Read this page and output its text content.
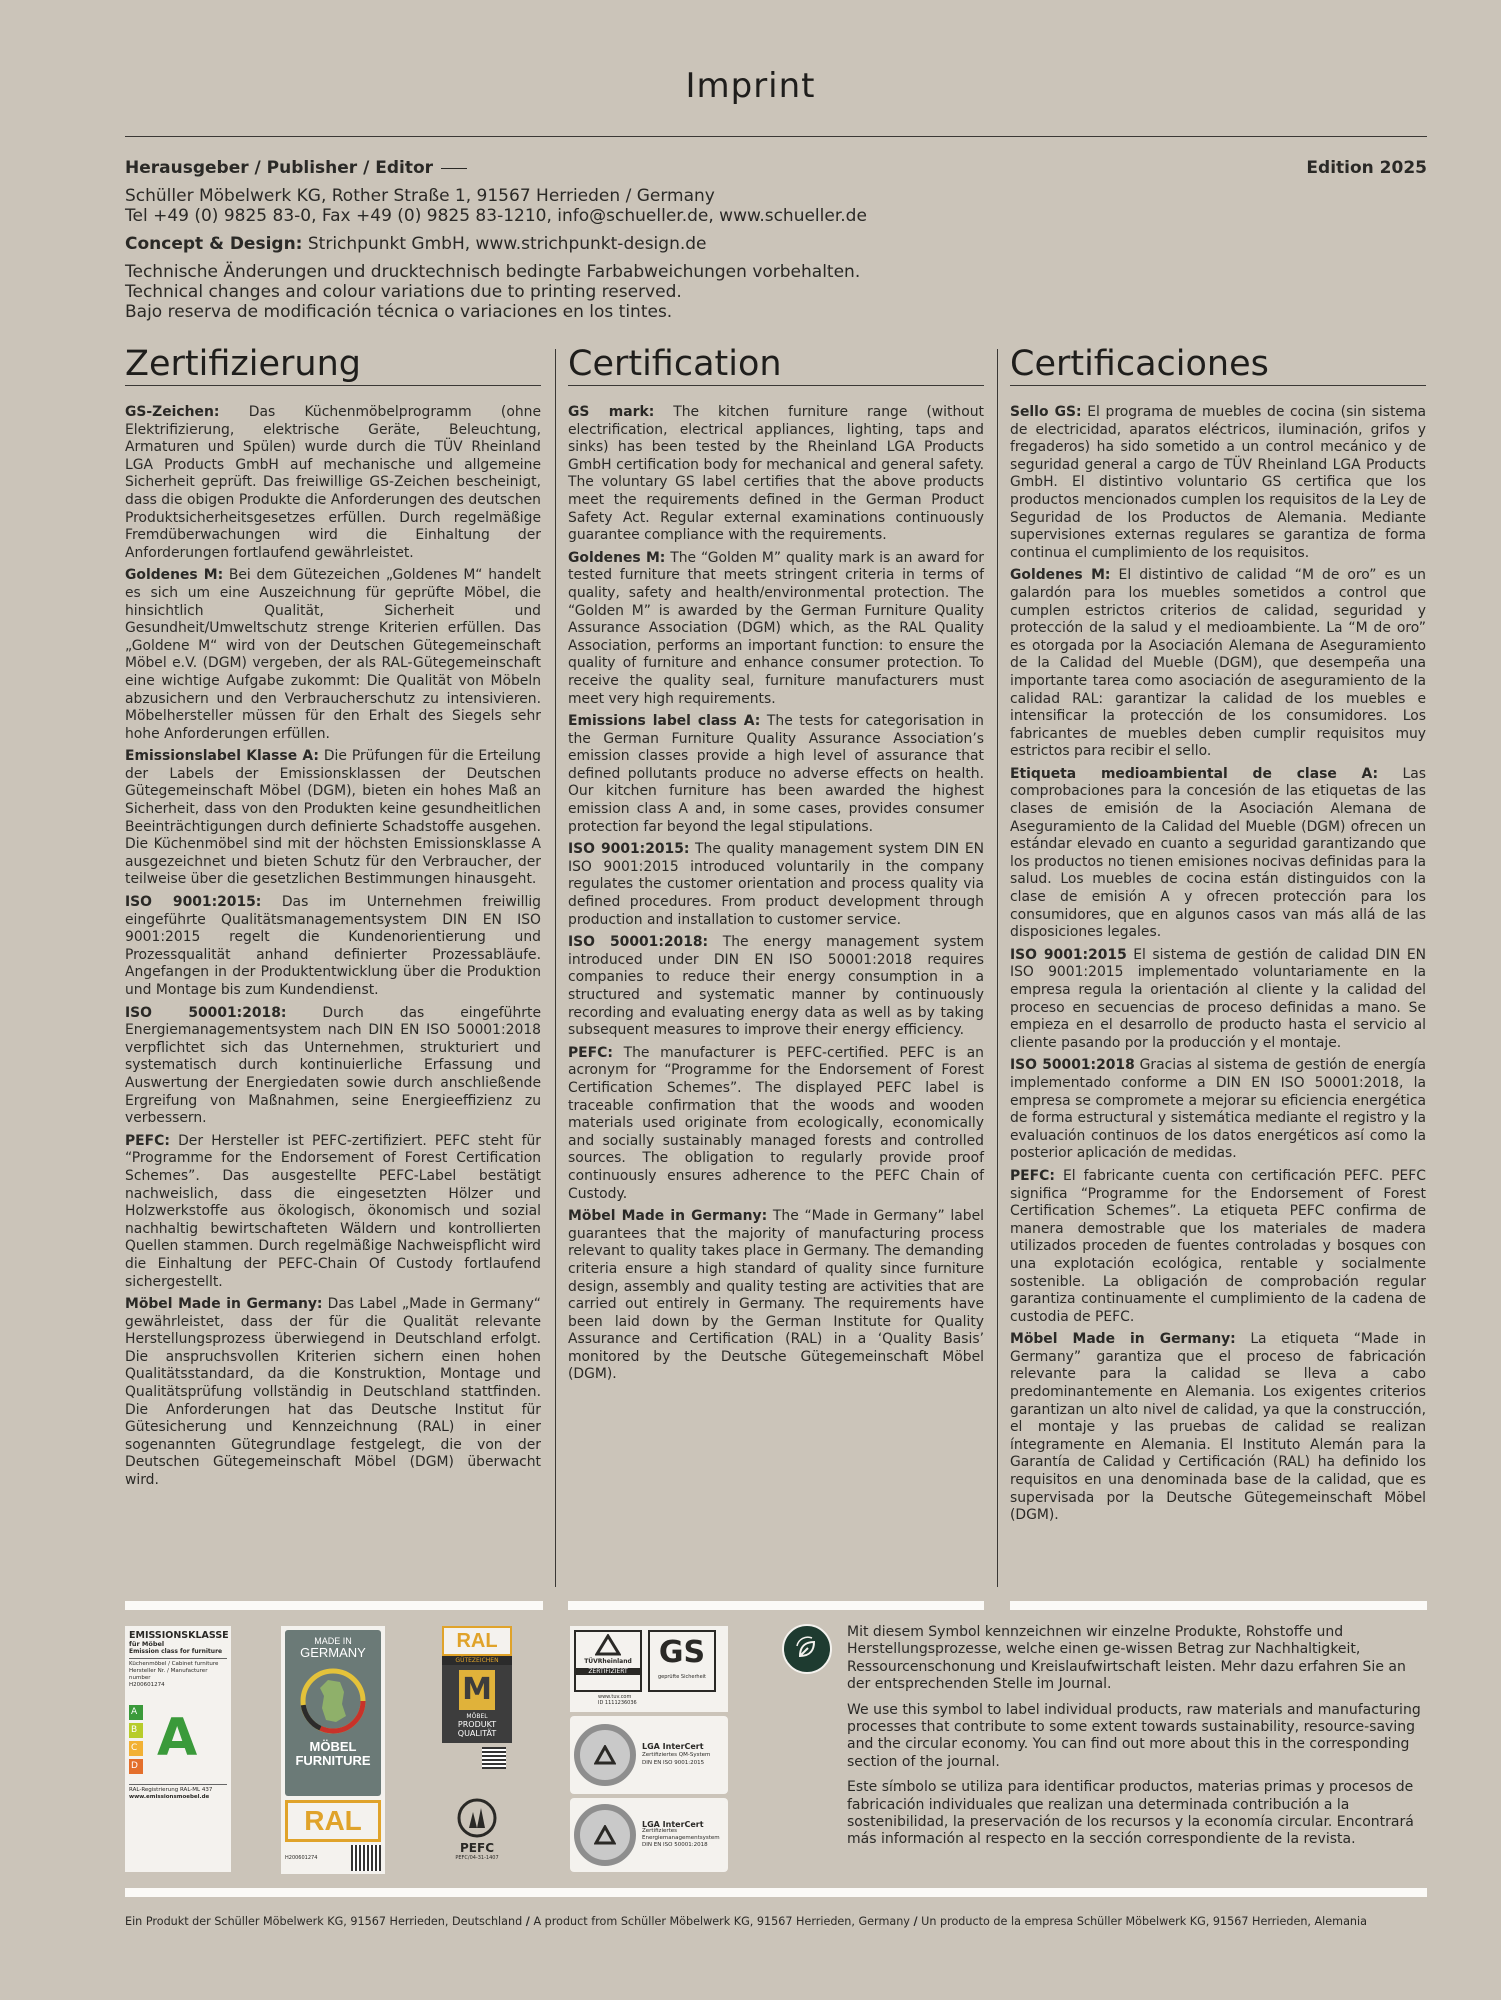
Imprint
Herausgeber / Publisher / Editor	Edition 2025

Schüller Möbelwerk KG, Rother Straße 1, 91567 Herrieden / Germany

Tel +49 (0) 9825 83-0, Fax +49 (0) 9825 83-1210, info@schueller.de, www.schueller.de

Concept & Design: Strichpunkt GmbH, www.strichpunkt-design.de

Technische Änderungen und drucktechnisch bedingte Farbabweichungen vorbehalten.

Technical changes and colour variations due to printing reserved.

Bajo reserva de modificación técnica o variaciones en los tintes.

Zertifizierung

GS-Zeichen: Das Küchenmöbelprogramm (ohne Elektrifizierung, elektrische Geräte, Beleuchtung, Armaturen und Spülen) wurde durch die TÜV Rheinland LGA Products GmbH auf mechanische und allgemeine Sicherheit geprüft. Das freiwillige GS-Zeichen bescheinigt, dass die obigen Produkte die Anforderungen des deutschen Produktsicherheitsgesetzes erfüllen. Durch regelmäßige Fremdüberwachungen wird die Einhaltung der Anforderungen fortlaufend gewährleistet.

Goldenes M: Bei dem Gütezeichen „Goldenes M“ handelt es sich um eine Auszeichnung für geprüfte Möbel, die hinsichtlich Qualität, Sicherheit und Gesundheit/Umweltschutz strenge Kriterien erfüllen. Das „Goldene M“ wird von der Deutschen Gütegemeinschaft Möbel e.V. (DGM) vergeben, der als RAL-Gütegemeinschaft eine wichtige Aufgabe zukommt: Die Qualität von Möbeln abzusichern und den Verbraucherschutz zu intensivieren. Möbelhersteller müssen für den Erhalt des Siegels sehr hohe Anforderungen erfüllen.

Emissionslabel Klasse A: Die Prüfungen für die Erteilung der Labels der Emissionsklassen der Deutschen Gütegemeinschaft Möbel (DGM), bieten ein hohes Maß an Sicherheit, dass von den Produkten keine gesundheitlichen Beeinträchtigungen durch definierte Schadstoffe ausgehen. Die Küchenmöbel sind mit der höchsten Emissionsklasse A ausgezeichnet und bieten Schutz für den Verbraucher, der teilweise über die gesetzlichen Bestimmungen hinausgeht.

ISO 9001:2015: Das im Unternehmen freiwillig eingeführte Qualitätsmanagementsystem DIN EN ISO 9001:2015 regelt die Kundenorientierung und Prozessqualität anhand definierter Prozessabläufe. Angefangen in der Produktentwicklung über die Produktion und Montage bis zum Kundendienst.

ISO 50001:2018:	Durch das eingeführte Energiemanagementsystem nach DIN EN ISO 50001:2018 verpflichtet sich das Unternehmen, strukturiert und systematisch durch kontinuierliche Erfassung und Auswertung der Energiedaten sowie durch anschließende Ergreifung von Maßnahmen, seine Energieeffizienz zu verbessern.

PEFC: Der Hersteller ist PEFC-zertifiziert. PEFC steht für “Programme for the Endorsement of Forest Certification Schemes”. Das ausgestellte PEFC-Label bestätigt nachweislich, dass die eingesetzten Hölzer und Holzwerkstoffe aus ökologisch, ökonomisch und sozial nachhaltig bewirtschafteten Wäldern und kontrollierten Quellen stammen. Durch regelmäßige Nachweispflicht wird die Einhaltung der PEFC-Chain Of Custody fortlaufend sichergestellt.

Möbel Made in Germany: Das Label „Made in Germany“ gewährleistet, dass der für die Qualität relevante Herstellungsprozess überwiegend in Deutschland erfolgt. Die anspruchsvollen Kriterien sichern einen hohen Qualitätsstandard, da die Konstruktion, Montage und Qualitätsprüfung vollständig in Deutschland stattfinden. Die Anforderungen hat das Deutsche Institut für Gütesicherung und Kennzeichnung (RAL) in einer sogenannten Gütegrundlage festgelegt, die von der Deutschen Gütegemeinschaft Möbel (DGM) überwacht wird.

Certification

GS mark: The kitchen furniture range (without electrification, electrical appliances, lighting, taps and sinks) has been tested by the Rheinland LGA Products GmbH certification body for mechanical and general safety. The voluntary GS label certifies that the above products meet the requirements defined in the German Product Safety Act. Regular external examinations continuously guarantee compliance with the requirements.

Goldenes M: The “Golden M” quality mark is an award for tested furniture that meets stringent criteria in terms of quality, safety and health/environmental protection. The “Golden M” is awarded by the German Furniture Quality Assurance Association (DGM) which, as the RAL Quality Association, performs an important function: to ensure the quality of furniture and enhance consumer protection. To receive the quality seal, furniture manufacturers must meet very high requirements.

Emissions label class A: The tests for categorisation in the German Furniture Quality Assurance Association’s emission classes provide a high level of assurance that defined pollutants produce no adverse effects on health. Our kitchen furniture has been awarded the highest emission class A and, in some cases, provides consumer protection far beyond the legal stipulations.

ISO 9001:2015: The quality management system DIN EN ISO 9001:2015 introduced voluntarily in the company regulates the customer orientation and process quality via defined procedures. From product development through production and installation to customer service.

ISO 50001:2018: The energy management system introduced under DIN EN ISO 50001:2018 requires companies to reduce their energy consumption in a structured and systematic manner by continuously recording and evaluating energy data as well as by taking subsequent measures to improve their energy efficiency.

PEFC: The manufacturer is PEFC-certified. PEFC is an acronym for “Programme for the Endorsement of Forest Certification Schemes”. The displayed PEFC label is traceable confirmation that the woods and wooden materials used originate from ecologically, economically and socially sustainably managed forests and controlled sources. The obligation to regularly provide proof continuously ensures adherence to the PEFC Chain of Custody.

Möbel Made in Germany: The “Made in Germany” label guarantees that the majority of manufacturing process relevant to quality takes place in Germany. The demanding criteria ensure a high standard of quality since furniture design, assembly and quality testing are activities that are carried out entirely in Germany. The requirements have been laid down by the German Institute for Quality Assurance and Certification (RAL) in a ‘Quality Basis’ monitored by the Deutsche Gütegemeinschaft Möbel (DGM).

Certificaciones

Sello GS: El programa de muebles de cocina (sin sistema de electricidad, aparatos eléctricos, iluminación, grifos y fregaderos) ha sido sometido a un control mecánico y de seguridad general a cargo de TÜV Rheinland LGA Products GmbH. El distintivo voluntario GS certifica que los productos mencionados cumplen los requisitos de la Ley de Seguridad de los Productos de Alemania. Mediante supervisiones externas regulares se garantiza de forma continua el cumplimiento de los requisitos.

Goldenes M: El distintivo de calidad “M de oro” es un galardón para los muebles sometidos a control que cumplen estrictos criterios de calidad, seguridad y protección de la salud y el medioambiente. La “M de oro” es otorgada por la Asociación Alemana de Aseguramiento de la Calidad del Mueble (DGM), que desempeña una importante tarea como asociación de aseguramiento de la calidad RAL: garantizar la calidad de los muebles e intensificar la protección de los consumidores. Los fabricantes de muebles deben cumplir requisitos muy estrictos para recibir el sello.

Etiqueta medioambiental de clase A: Las comprobaciones para la concesión de las etiquetas de las clases de emisión de la Asociación Alemana de Aseguramiento de la Calidad del Mueble (DGM) ofrecen un estándar elevado en cuanto a seguridad garantizando que los productos no tienen emisiones nocivas definidas para la salud. Los muebles de cocina están distinguidos con la clase de emisión A y ofrecen protección para los consumidores, que en algunos casos van más allá de las disposiciones legales.

ISO 9001:2015 El sistema de gestión de calidad DIN EN ISO 9001:2015 implementado voluntariamente en la empresa regula la orientación al cliente y la calidad del proceso en secuencias de proceso definidas a mano. Se empieza en el desarrollo de producto hasta el servicio al cliente pasando por la producción y el montaje.

ISO 50001:2018 Gracias al sistema de gestión de energía implementado conforme a DIN EN ISO 50001:2018, la empresa se compromete a mejorar su eficiencia energética de forma estructural y sistemática mediante el registro y la evaluación continuos de los datos energéticos así como la posterior aplicación de medidas.

PEFC: El fabricante cuenta con certificación PEFC. PEFC significa “Programme for the Endorsement of Forest Certification Schemes”. La etiqueta PEFC confirma de manera demostrable que los materiales de madera utilizados proceden de fuentes controladas y bosques con una explotación ecológica, rentable y socialmente sostenible. La obligación de comprobación regular garantiza continuamente el cumplimiento de la cadena de custodia de PEFC.

Möbel Made in Germany: La etiqueta “Made in Germany” garantiza que el proceso de fabricación relevante para la calidad se lleva a cabo predominantemente en Alemania. Los exigentes criterios garantizan un alto nivel de calidad, ya que la construcción, el montaje y las pruebas de calidad se realizan íntegramente en Alemania. El Instituto Alemán para la Garantía de Calidad y Certificación (RAL) ha definido los requisitos en una denominada base de la calidad, que es supervisada por la Deutsche Gütegemeinschaft Möbel (DGM).

EMISSIONSKLASSE
für Möbel
Emission class for furniture
Küchenmöbel / Cabinet furniture
Hersteller Nr. / Manufacturer number
H200601274
A
B
C
D A
RAL-Registrierung RAL-ML 437
www.emissionsmoebel.de
MADE IN
GERMANY
MÖBEL
FURNITURE
RAL
H200601274
RAL
GÜTEZEICHEN
M
MÖBEL
PRODUKT
QUALITÄT
PEFC
PEFC/04-31-1407
TÜVRheinland
ZERTIFIZIERT
GS
geprüfte Sicherheit
www.tuv.com
ID 1111236036
LGA InterCert
Zertifiziertes QM-System
DIN EN ISO 9001:2015
LGA InterCert
Zertifiziertes
Energiemanagementsystem
DIN EN ISO 50001:2018

Mit diesem Symbol kennzeichnen wir einzelne Produkte, Rohstoffe und Herstellungsprozesse, welche einen ge-wissen Betrag zur Nachhaltigkeit, Ressourcenschonung und Kreislaufwirtschaft leisten. Mehr dazu erfahren Sie an der entsprechenden Stelle im Journal.

We use this symbol to label individual products, raw materials and manufacturing processes that contribute to some extent towards sustainability, resource-saving and the circular economy. You can find out more about this in the corresponding section of the journal.

Este símbolo se utiliza para identificar productos, materias primas y procesos de fabricación individuales que realizan una determinada contribución a la sostenibilidad, la preservación de los recursos y la economía circular. Encontrará más información al respecto en la sección correspondiente de la revista.

Ein Produkt der Schüller Möbelwerk KG, 91567 Herrieden, Deutschland / A product from Schüller Möbelwerk KG, 91567 Herrieden, Germany / Un producto de la empresa Schüller Möbelwerk KG, 91567 Herrieden, Alemania
